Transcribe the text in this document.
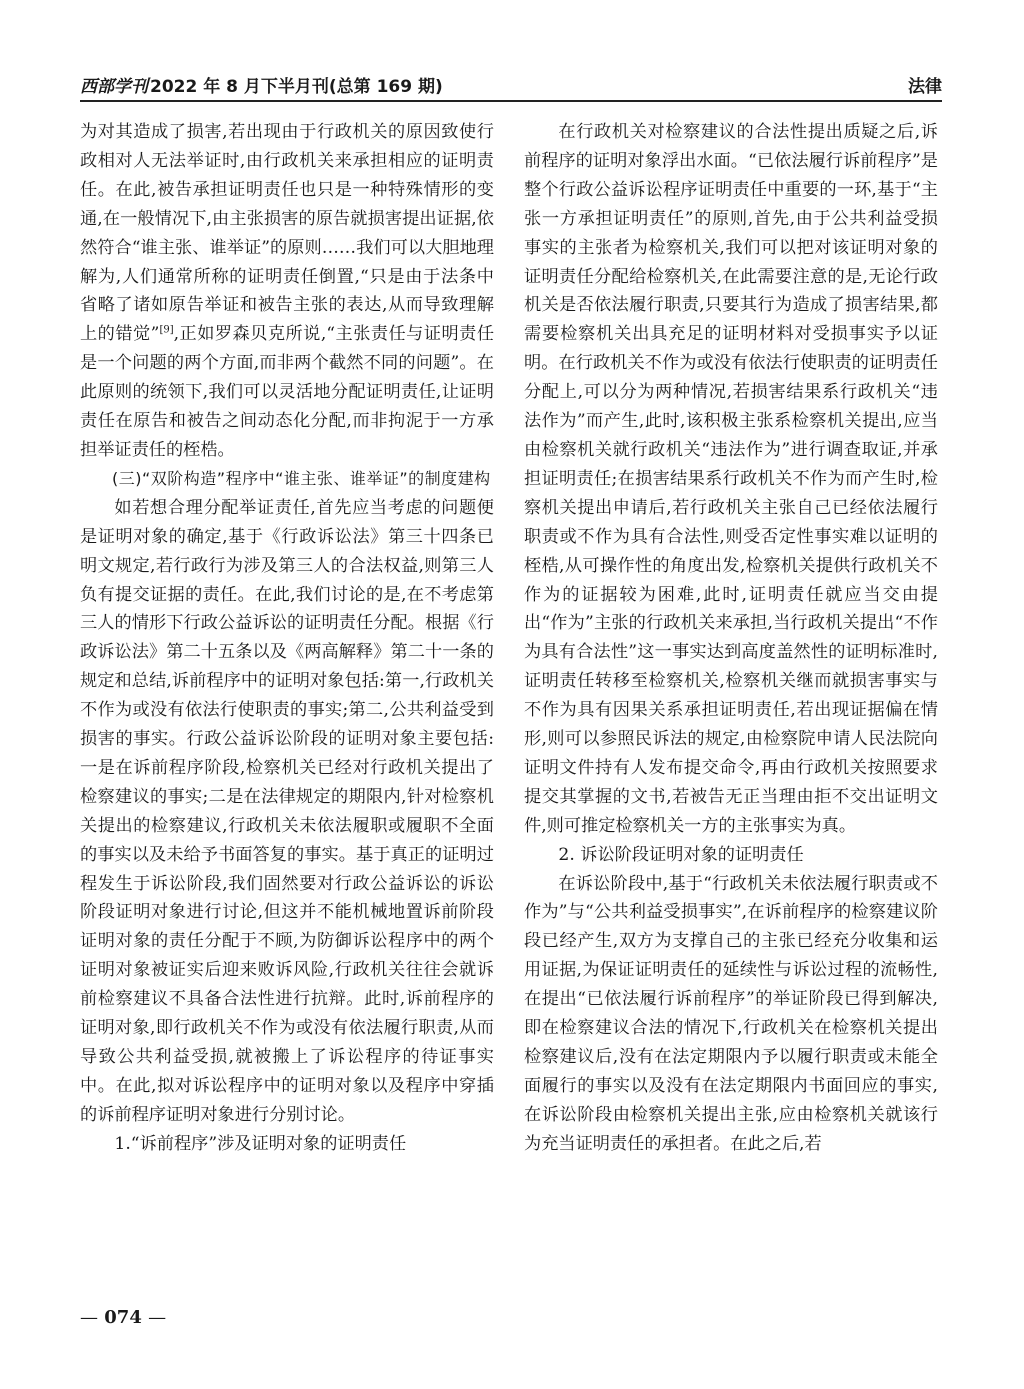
西部学刊 2022 年 8 月下半月刊(总第 169 期)	法律

为对其造成了损害,若出现由于行政机关的原因致使行政相对人无法举证时,由行政机关来承担相应的证明责任。在此,被告承担证明责任也只是一种特殊情形的变通,在一般情况下,由主张损害的原告就损害提出证据,依然符合“谁主张、谁举证”的原则……我们可以大胆地理解为,人们通常所称的证明责任倒置,“只是由于法条中省略了诸如原告举证和被告主张的表达,从而导致理解上的错觉”[9],正如罗森贝克所说,“主张责任与证明责任是一个问题的两个方面,而非两个截然不同的问题”。在此原则的统领下,我们可以灵活地分配证明责任,让证明责任在原告和被告之间动态化分配,而非拘泥于一方承担举证责任的桎梏。

(三)“双阶构造”程序中“谁主张、谁举证”的制度建构

如若想合理分配举证责任,首先应当考虑的问题便是证明对象的确定,基于《行政诉讼法》第三十四条已明文规定,若行政行为涉及第三人的合法权益,则第三人负有提交证据的责任。在此,我们讨论的是,在不考虑第三人的情形下行政公益诉讼的证明责任分配。根据《行政诉讼法》第二十五条以及《两高解释》第二十一条的规定和总结,诉前程序中的证明对象包括:第一,行政机关不作为或没有依法行使职责的事实;第二,公共利益受到损害的事实。行政公益诉讼阶段的证明对象主要包括:一是在诉前程序阶段,检察机关已经对行政机关提出了检察建议的事实;二是在法律规定的期限内,针对检察机关提出的检察建议,行政机关未依法履职或履职不全面的事实以及未给予书面答复的事实。基于真正的证明过程发生于诉讼阶段,我们固然要对行政公益诉讼的诉讼阶段证明对象进行讨论,但这并不能机械地置诉前阶段证明对象的责任分配于不顾,为防御诉讼程序中的两个证明对象被证实后迎来败诉风险,行政机关往往会就诉前检察建议不具备合法性进行抗辩。此时,诉前程序的证明对象,即行政机关不作为或没有依法履行职责,从而导致公共利益受损,就被搬上了诉讼程序的待证事实中。在此,拟对诉讼程序中的证明对象以及程序中穿插的诉前程序证明对象进行分别讨论。

1.“诉前程序”涉及证明对象的证明责任

在行政机关对检察建议的合法性提出质疑之后,诉前程序的证明对象浮出水面。“已依法履行诉前程序”是整个行政公益诉讼程序证明责任中重要的一环,基于“主张一方承担证明责任”的原则,首先,由于公共利益受损事实的主张者为检察机关,我们可以把对该证明对象的证明责任分配给检察机关,在此需要注意的是,无论行政机关是否依法履行职责,只要其行为造成了损害结果,都需要检察机关出具充足的证明材料对受损事实予以证明。在行政机关不作为或没有依法行使职责的证明责任分配上,可以分为两种情况,若损害结果系行政机关“违法作为”而产生,此时,该积极主张系检察机关提出,应当由检察机关就行政机关“违法作为”进行调查取证,并承担证明责任;在损害结果系行政机关不作为而产生时,检察机关提出申请后,若行政机关主张自己已经依法履行职责或不作为具有合法性,则受否定性事实难以证明的桎梏,从可操作性的角度出发,检察机关提供行政机关不作为的证据较为困难,此时,证明责任就应当交由提出“作为”主张的行政机关来承担,当行政机关提出“不作为具有合法性”这一事实达到高度盖然性的证明标准时,证明责任转移至检察机关,检察机关继而就损害事实与不作为具有因果关系承担证明责任,若出现证据偏在情形,则可以参照民诉法的规定,由检察院申请人民法院向证明文件持有人发布提交命令,再由行政机关按照要求提交其掌握的文书,若被告无正当理由拒不交出证明文件,则可推定检察机关一方的主张事实为真。

2. 诉讼阶段证明对象的证明责任

在诉讼阶段中,基于“行政机关未依法履行职责或不作为”与“公共利益受损事实”,在诉前程序的检察建议阶段已经产生,双方为支撑自己的主张已经充分收集和运用证据,为保证证明责任的延续性与诉讼过程的流畅性,在提出“已依法履行诉前程序”的举证阶段已得到解决,即在检察建议合法的情况下,行政机关在检察机关提出检察建议后,没有在法定期限内予以履行职责或未能全面履行的事实以及没有在法定期限内书面回应的事实,在诉讼阶段由检察机关提出主张,应由检察机关就该行为充当证明责任的承担者。在此之后,若

— 074 —
